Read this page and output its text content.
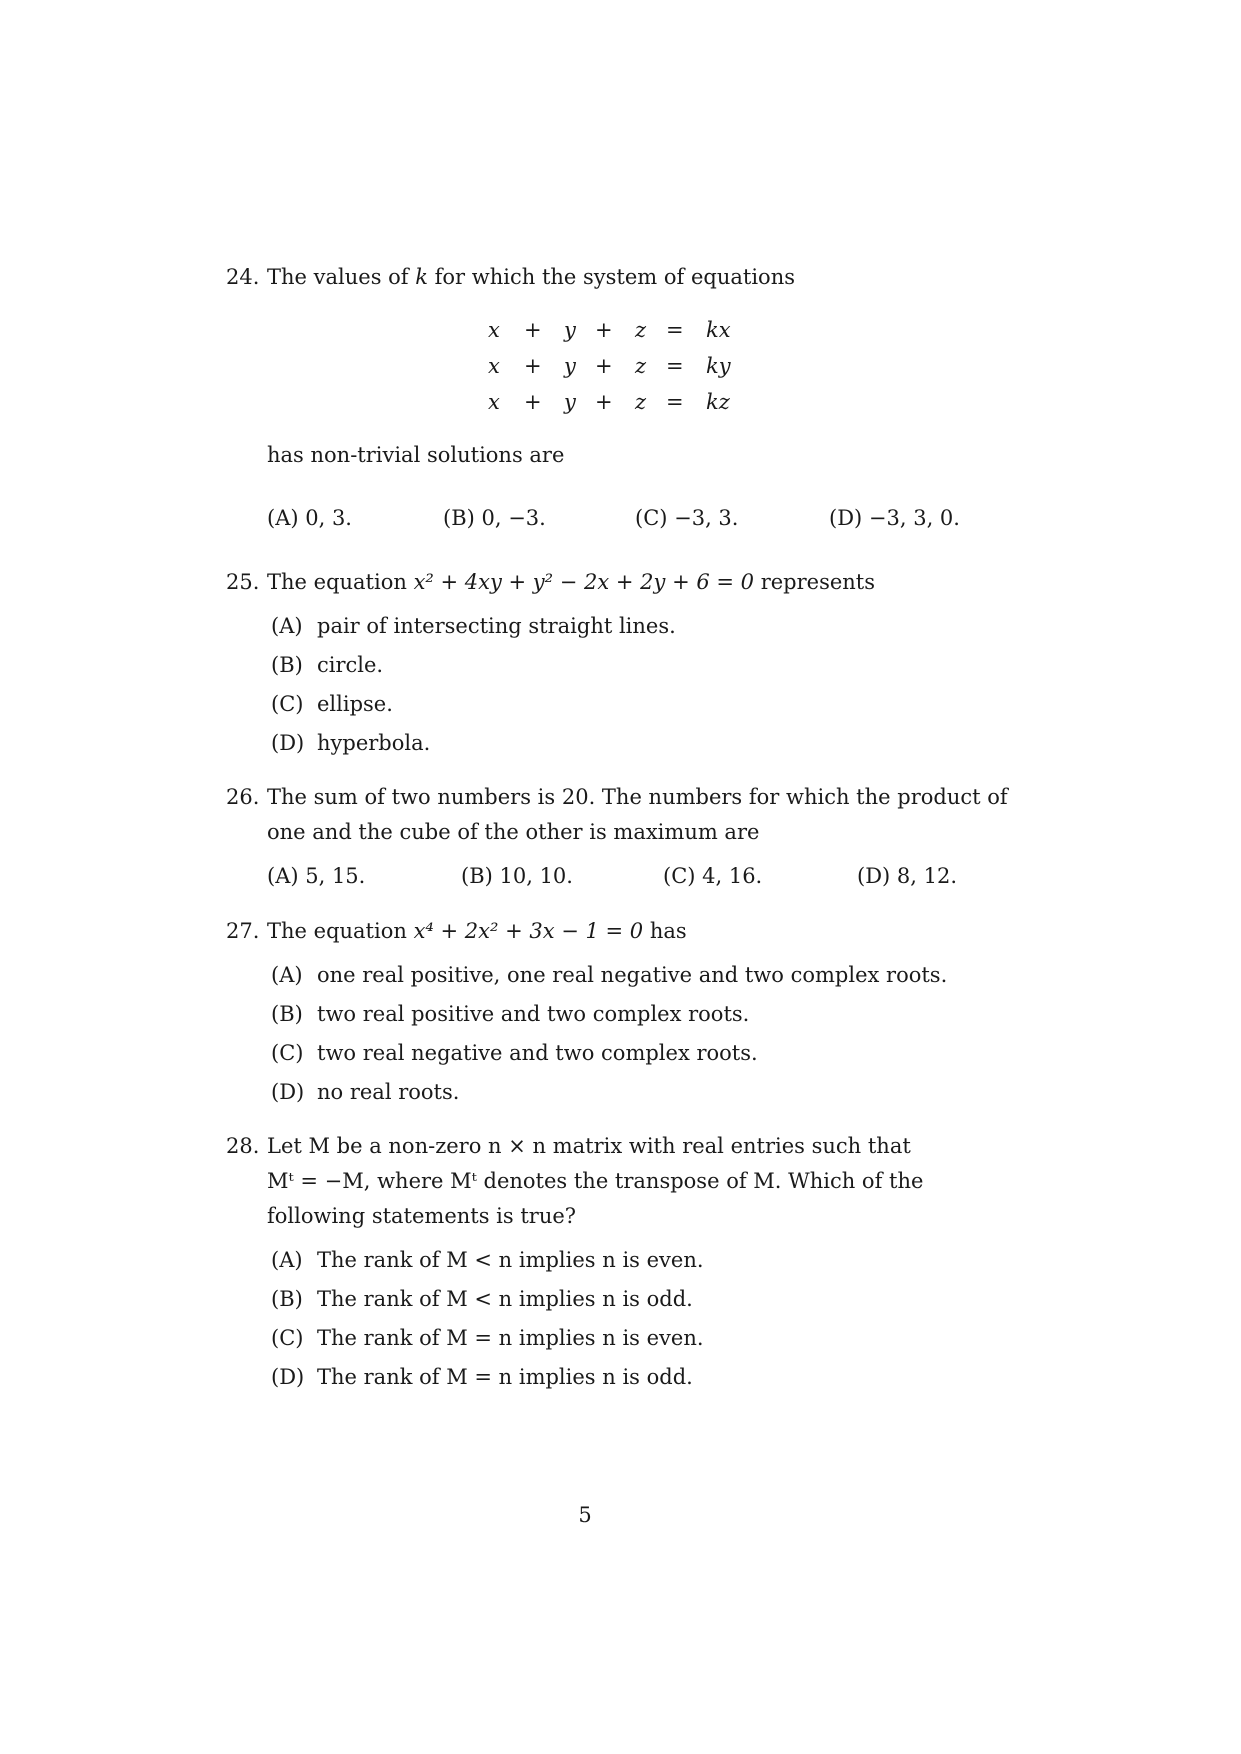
24. The values of k for which the system of equations
x + y + z = kx
x + y + z = ky
x + y + z = kz
has non-trivial solutions are
(A) 0, 3.	(B) 0, −3.	(C) −3, 3.	(D) −3, 3, 0.
25. The equation x² + 4xy + y² − 2x + 2y + 6 = 0 represents
(A) pair of intersecting straight lines.
(B) circle.
(C) ellipse.
(D) hyperbola.
26. The sum of two numbers is 20. The numbers for which the product of
one and the cube of the other is maximum are
(A) 5, 15.	(B) 10, 10.	(C) 4, 16.	(D) 8, 12.
27. The equation x⁴ + 2x² + 3x − 1 = 0 has
(A) one real positive, one real negative and two complex roots.
(B) two real positive and two complex roots.
(C) two real negative and two complex roots.
(D) no real roots.
28. Let M be a non-zero n × n matrix with real entries such that
Mᵗ = −M, where Mᵗ denotes the transpose of M. Which of the
following statements is true?
(A) The rank of M < n implies n is even.
(B) The rank of M < n implies n is odd.
(C) The rank of M = n implies n is even.
(D) The rank of M = n implies n is odd.
5
